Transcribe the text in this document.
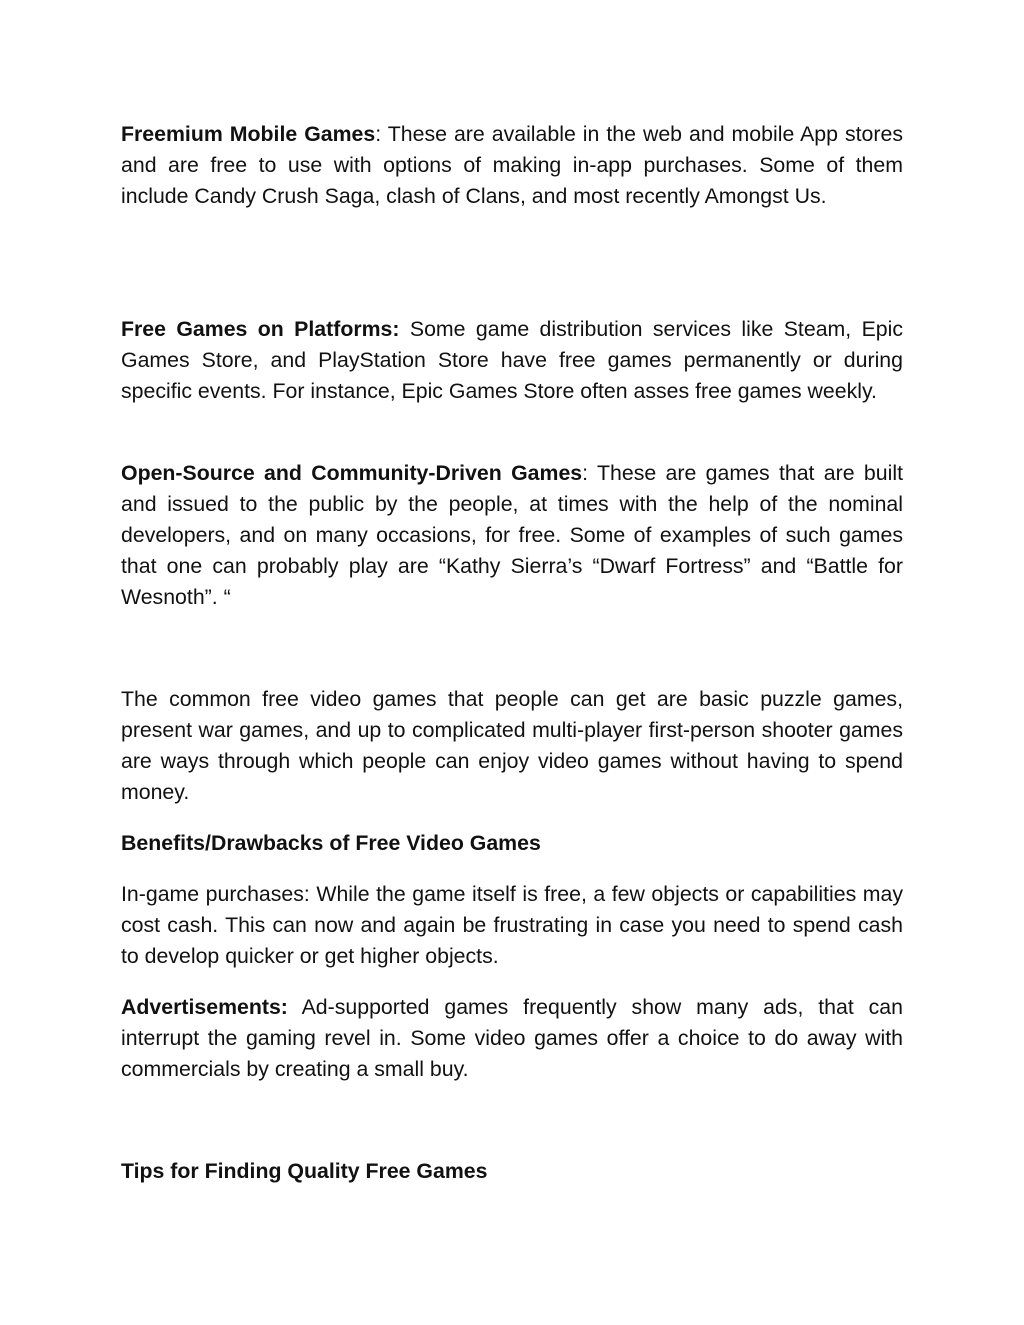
Freemium Mobile Games: These are available in the web and mobile App stores and are free to use with options of making in-app purchases. Some of them include Candy Crush Saga, clash of Clans, and most recently Amongst Us.

Free Games on Platforms: Some game distribution services like Steam, Epic Games Store, and PlayStation Store have free games permanently or during specific events. For instance, Epic Games Store often asses free games weekly.

Open-Source and Community-Driven Games: These are games that are built and issued to the public by the people, at times with the help of the nominal developers, and on many occasions, for free. Some of examples of such games that one can probably play are “Kathy Sierra’s “Dwarf Fortress” and “Battle for Wesnoth”. “

The common free video games that people can get are basic puzzle games, present war games, and up to complicated multi-player first-person shooter games are ways through which people can enjoy video games without having to spend money.

Benefits/Drawbacks of Free Video Games

In-game purchases: While the game itself is free, a few objects or capabilities may cost cash. This can now and again be frustrating in case you need to spend cash to develop quicker or get higher objects.

Advertisements: Ad-supported games frequently show many ads, that can interrupt the gaming revel in. Some video games offer a choice to do away with commercials by creating a small buy.

Tips for Finding Quality Free Games
